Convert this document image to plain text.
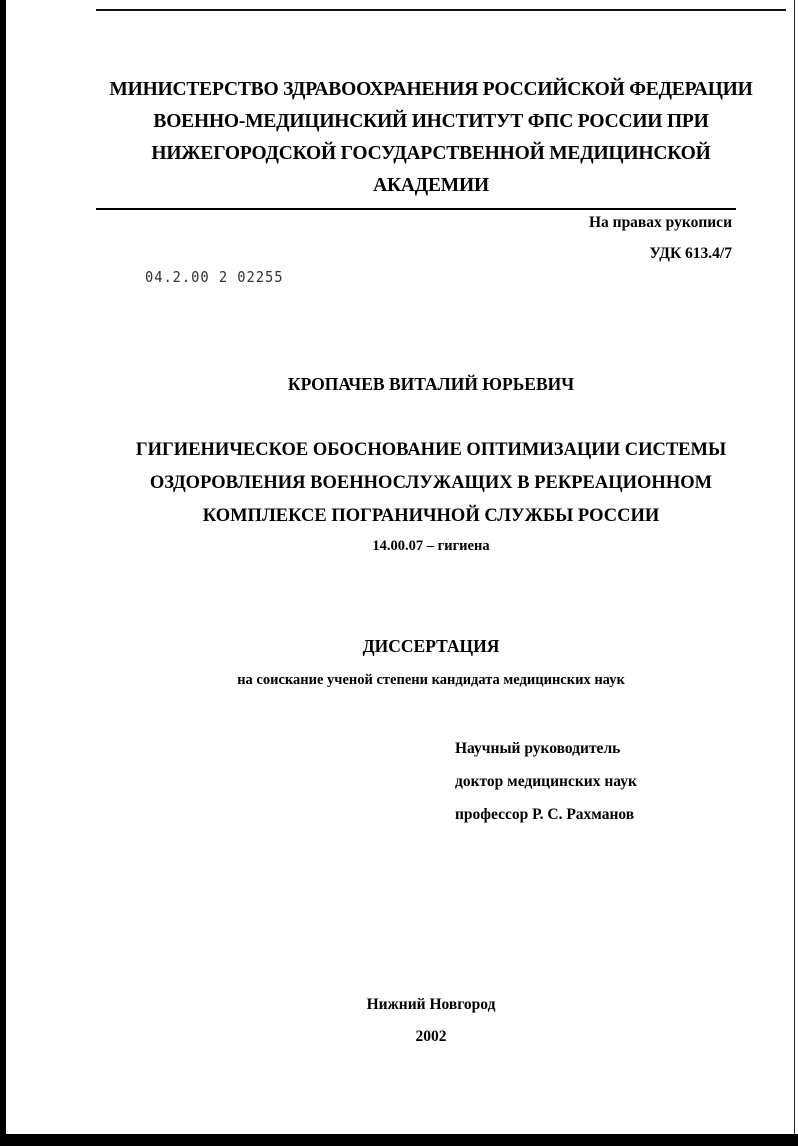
МИНИСТЕРСТВО ЗДРАВООХРАНЕНИЯ РОССИЙСКОЙ ФЕДЕРАЦИИ
ВОЕННО-МЕДИЦИНСКИЙ ИНСТИТУТ ФПС РОССИИ ПРИ
НИЖЕГОРОДСКОЙ ГОСУДАРСТВЕННОЙ МЕДИЦИНСКОЙ
АКАДЕМИИ
На правах рукописи
УДК 613.4/7
04.2.00 2 02255
КРОПАЧЕВ ВИТАЛИЙ ЮРЬЕВИЧ
ГИГИЕНИЧЕСКОЕ ОБОСНОВАНИЕ ОПТИМИЗАЦИИ СИСТЕМЫ
ОЗДОРОВЛЕНИЯ ВОЕННОСЛУЖАЩИХ В РЕКРЕАЦИОННОМ
КОМПЛЕКСЕ ПОГРАНИЧНОЙ СЛУЖБЫ РОССИИ
14.00.07 – гигиена
ДИССЕРТАЦИЯ
на соискание ученой степени кандидата медицинских наук
Научный руководитель
доктор медицинских наук
профессор Р. С. Рахманов
Нижний Новгород
2002
